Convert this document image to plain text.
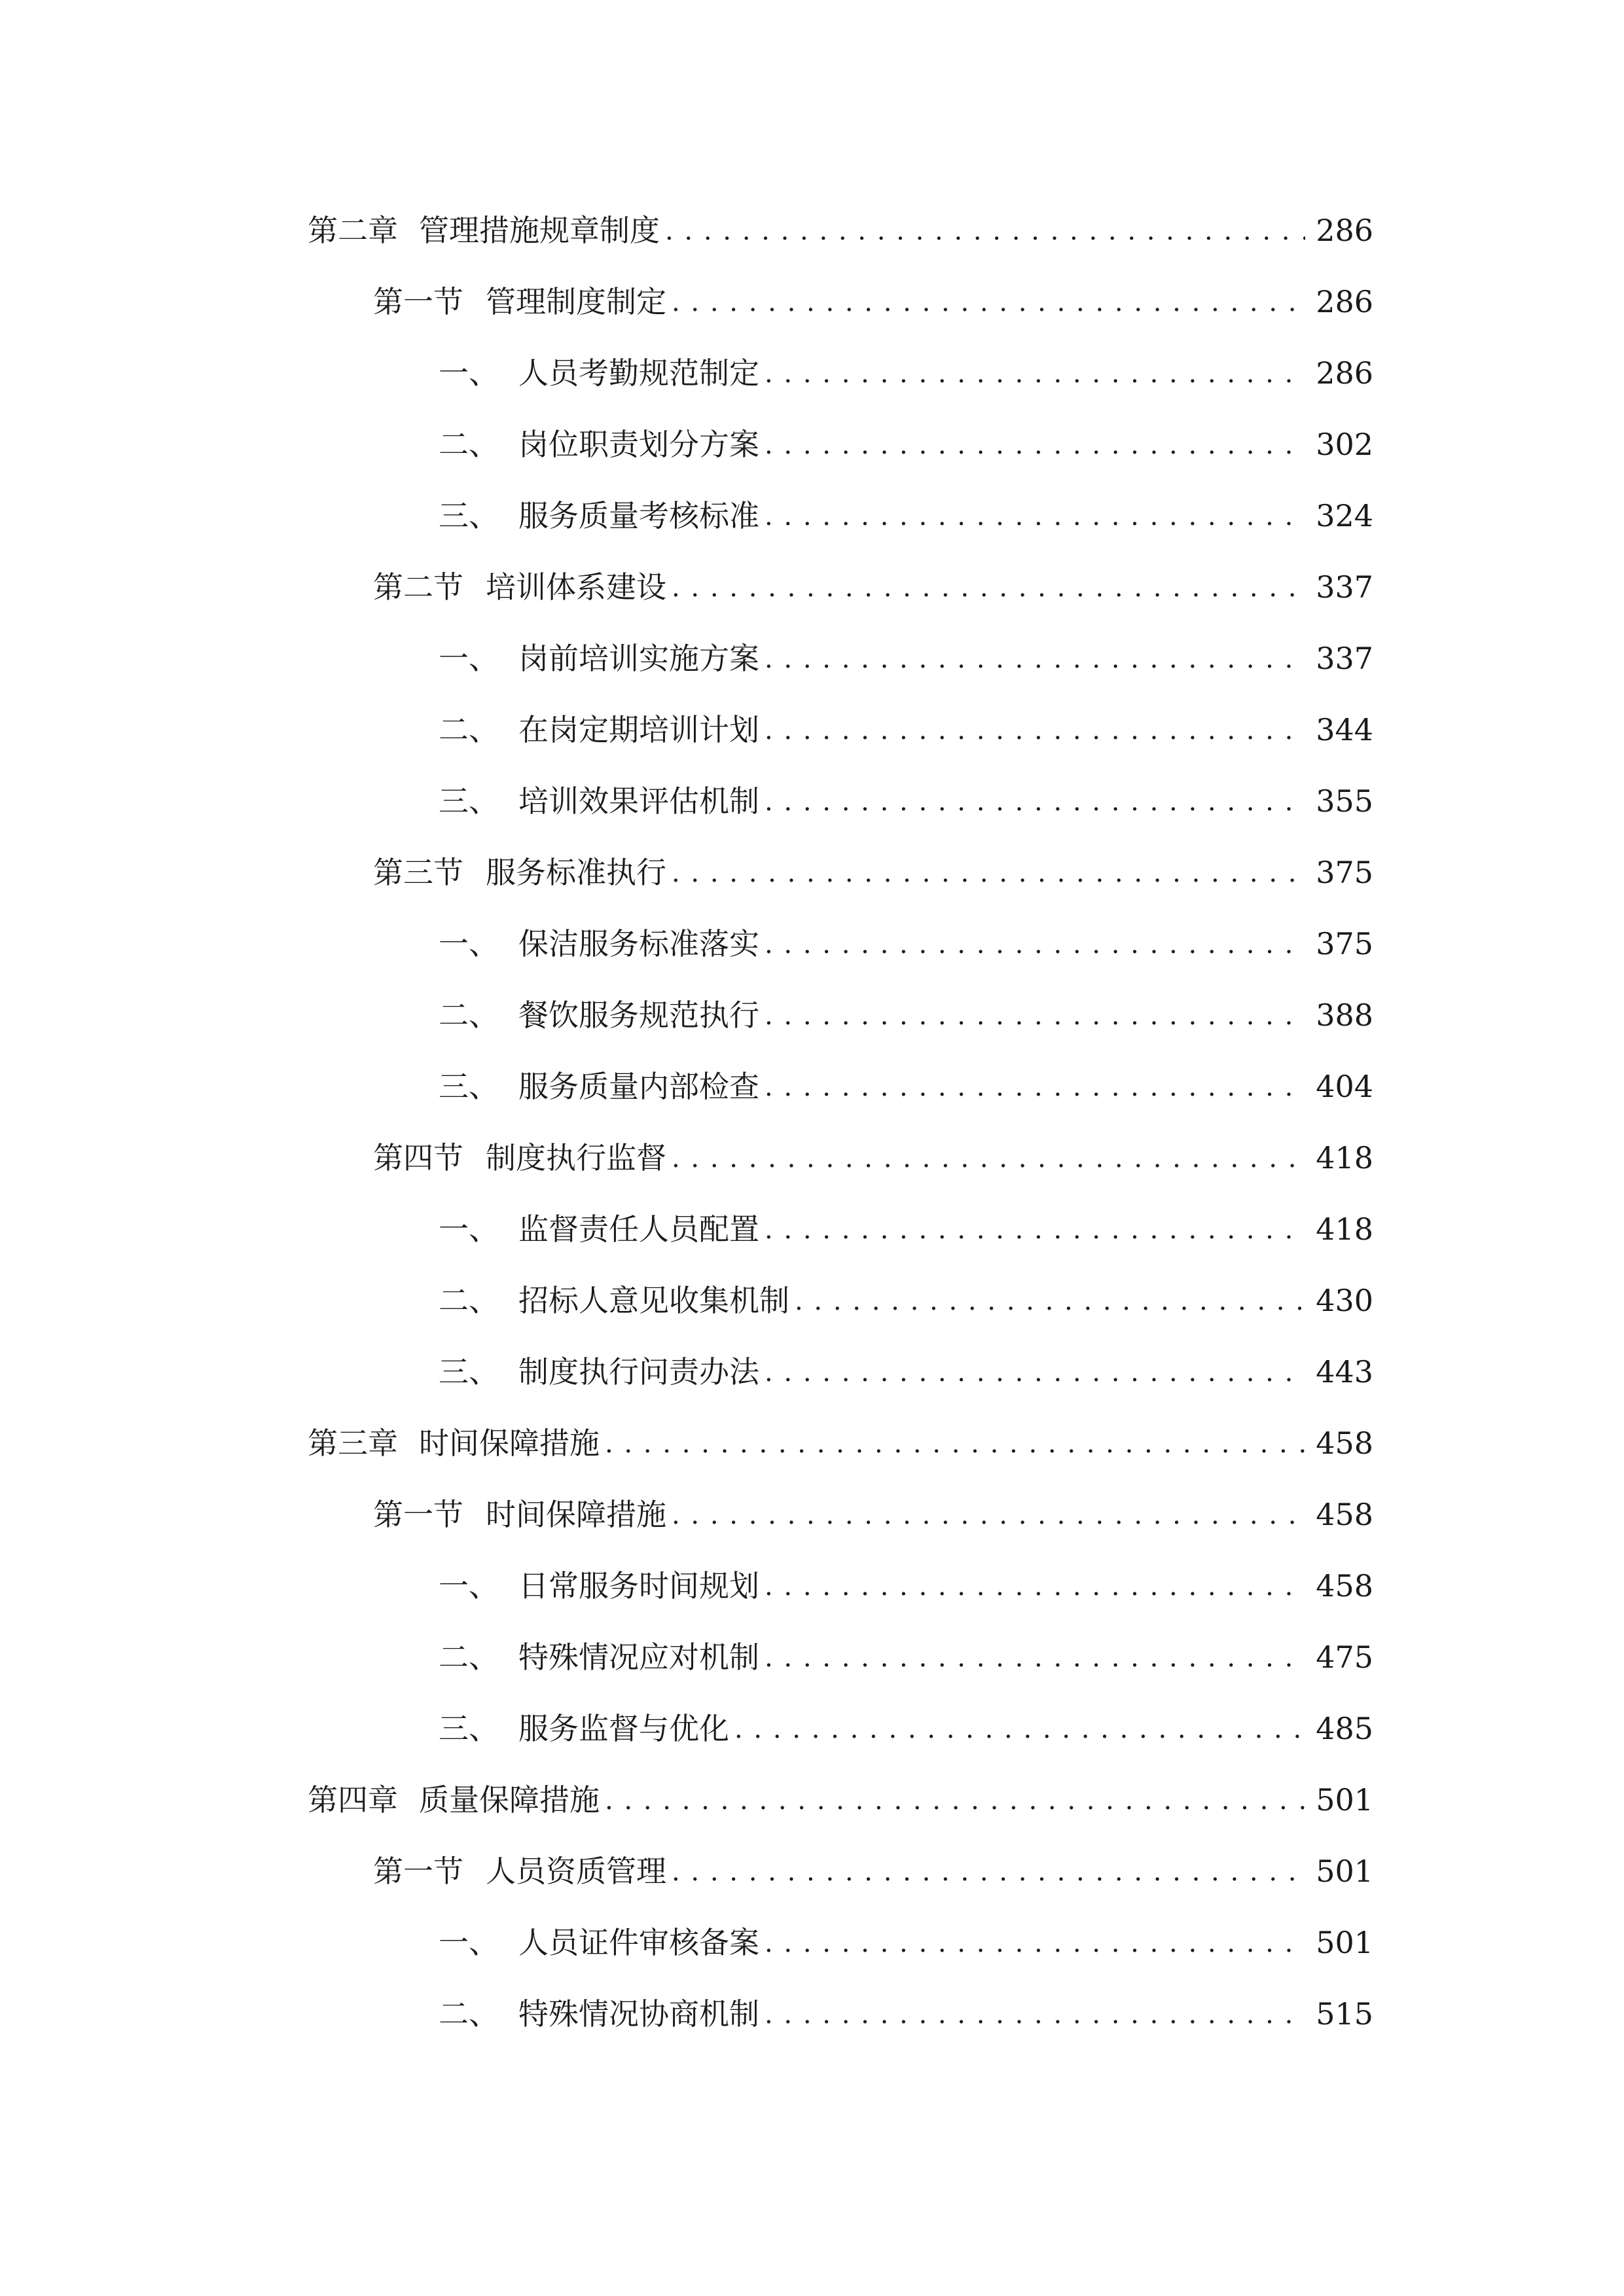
第二章 管理措施规章制度 . . .	286
第一节 管理制度制定 . . .	286
一、 人员考勤规范制定 . . .	286
二、 岗位职责划分方案 . . .	302
三、 服务质量考核标准 . . .	324
第二节 培训体系建设 . . .	337
一、 岗前培训实施方案 . . .	337
二、 在岗定期培训计划 . . .	344
三、 培训效果评估机制 . . .	355
第三节 服务标准执行 . . .	375
一、 保洁服务标准落实 . . .	375
二、 餐饮服务规范执行 . . .	388
三、 服务质量内部检查 . . .	404
第四节 制度执行监督 . . .	418
一、 监督责任人员配置 . . .	418
二、 招标人意见收集机制 . . .	430
三、 制度执行问责办法 . . .	443
第三章 时间保障措施 . . .	458
第一节 时间保障措施 . . .	458
一、 日常服务时间规划 . . .	458
二、 特殊情况应对机制 . . .	475
三、 服务监督与优化 . . .	485
第四章 质量保障措施 . . .	501
第一节 人员资质管理 . . .	501
一、 人员证件审核备案 . . .	501
二、 特殊情况协商机制 . . .	515
